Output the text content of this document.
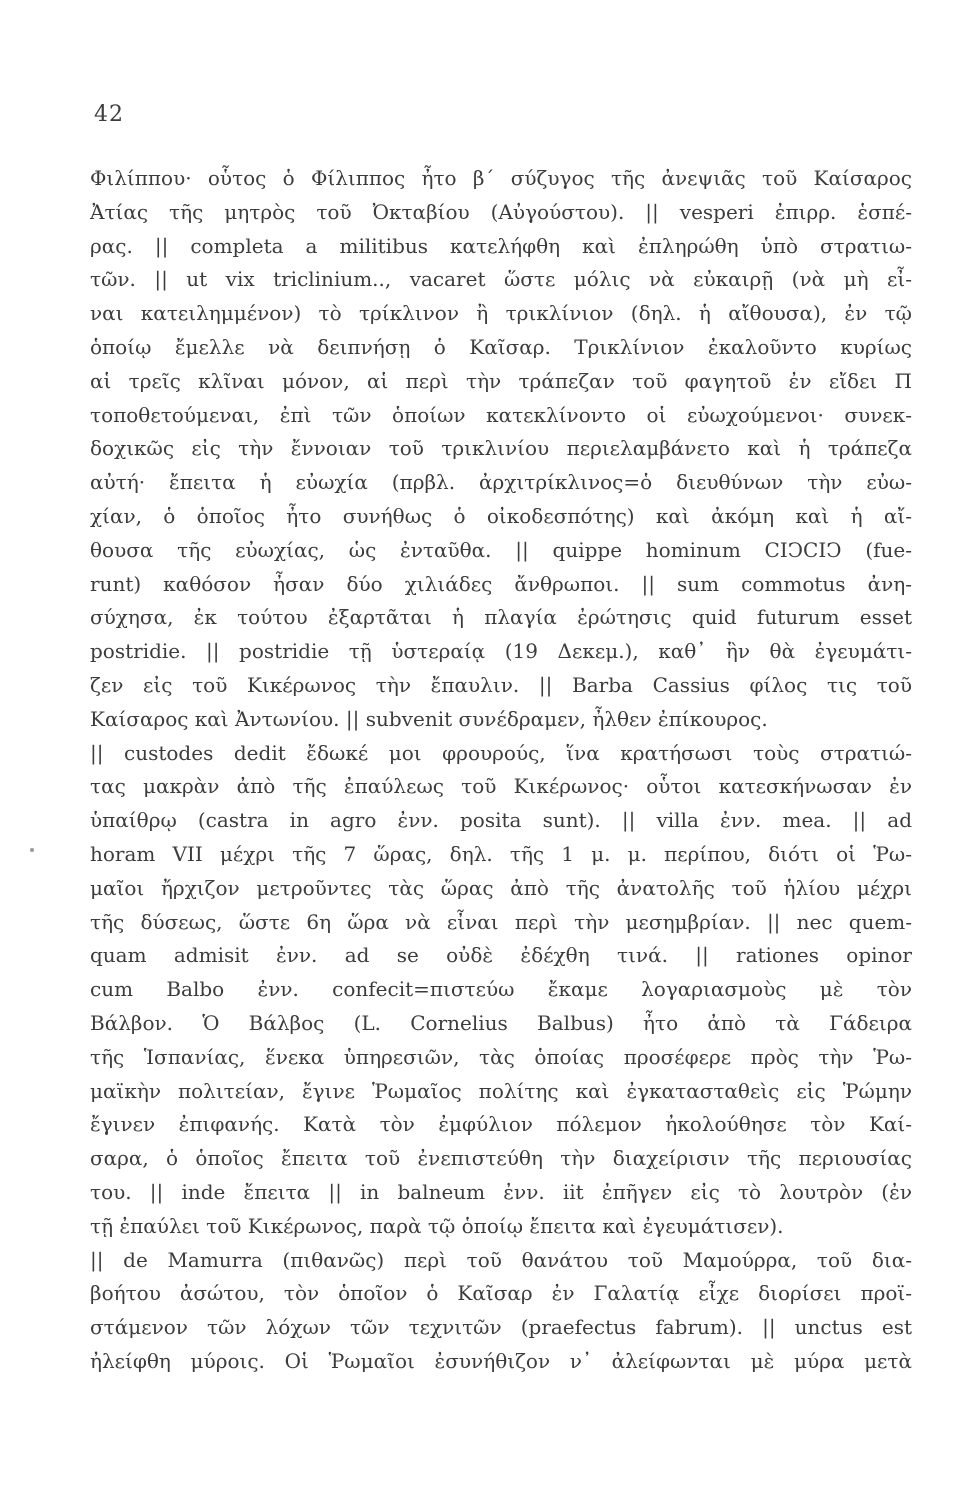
42
Φιλίππου· οὗτος ὁ Φίλιππος ἦτο β΄ σύζυγος τῆς ἀνεψιᾶς τοῦ Καίσαρος
Ἀτίας τῆς μητρὸς τοῦ Ὀκταβίου (Αὐγούστου). || vesperi ἐπιρρ. ἑσπέ-
ρας. || completa a militibus κατελήφθη καὶ ἐπληρώθη ὑπὸ στρατιω-
τῶν. || ut vix triclinium.., vacaret ὥστε μόλις νὰ εὐκαιρῇ (νὰ μὴ εἶ-
ναι κατειλημμένον) τὸ τρίκλινον ἢ τρικλίνιον (δηλ. ἡ αἴθουσα), ἐν τῷ
ὁποίῳ ἔμελλε νὰ δειπνήσῃ ὁ Καῖσαρ. Τρικλίνιον ἐκαλοῦντο κυρίως
αἱ τρεῖς κλῖναι μόνον, αἱ περὶ τὴν τράπεζαν τοῦ φαγητοῦ ἐν εἴδει Π
τοποθετούμεναι, ἐπὶ τῶν ὁποίων κατεκλίνοντο οἱ εὐωχούμενοι· συνεκ-
δοχικῶς εἰς τὴν ἔννοιαν τοῦ τρικλινίου περιελαμβάνετο καὶ ἡ τράπεζα
αὐτή· ἔπειτα ἡ εὐωχία (πρβλ. ἀρχιτρίκλινος=ὁ διευθύνων τὴν εὐω-
χίαν, ὁ ὁποῖος ἦτο συνήθως ὁ οἰκοδεσπότης) καὶ ἀκόμη καὶ ἡ αἴ-
θουσα τῆς εὐωχίας, ὡς ἐνταῦθα. || quippe hominum CIↃCIↃ (fue-
runt) καθόσον ἦσαν δύο χιλιάδες ἄνθρωποι. || sum commotus ἀνη-
σύχησα, ἐκ τούτου ἐξαρτᾶται ἡ πλαγία ἐρώτησις quid futurum esset
postridie. || postridie τῇ ὑστεραίᾳ (19 Δεκεμ.), καθ᾿ ἣν θὰ ἐγευμάτι-
ζεν εἰς τοῦ Κικέρωνος τὴν ἔπαυλιν. || Barba Cassius φίλος τις τοῦ
Καίσαρος καὶ Ἀντωνίου. || subvenit συνέδραμεν, ἦλθεν ἐπίκουρος.
|| custodes dedit ἔδωκέ μοι φρουρούς, ἵνα κρατήσωσι τοὺς στρατιώ-
τας μακρὰν ἀπὸ τῆς ἐπαύλεως τοῦ Κικέρωνος· οὗτοι κατεσκήνωσαν ἐν
ὑπαίθρῳ (castra in agro ἐνν. posita sunt). || villa ἐνν. mea. || ad
horam VII μέχρι τῆς 7 ὥρας, δηλ. τῆς 1 μ. μ. περίπου, διότι οἱ Ῥω-
μαῖοι ἤρχιζον μετροῦντες τὰς ὥρας ἀπὸ τῆς ἀνατολῆς τοῦ ἡλίου μέχρι
τῆς δύσεως, ὥστε 6η ὥρα νὰ εἶναι περὶ τὴν μεσημβρίαν. || nec quem-
quam admisit ἐνν. ad se οὐδὲ ἐδέχθη τινά. || rationes opinor
cum Balbo ἐνν. confecit=πιστεύω ἔκαμε λογαριασμοὺς μὲ τὸν
Βάλβον. Ὁ Βάλβος (L. Cornelius Balbus) ἦτο ἀπὸ τὰ Γάδειρα
τῆς Ἱσπανίας, ἕνεκα ὑπηρεσιῶν, τὰς ὁποίας προσέφερε πρὸς τὴν Ῥω-
μαϊκὴν πολιτείαν, ἔγινε Ῥωμαῖος πολίτης καὶ ἐγκατασταθεὶς εἰς Ῥώμην
ἔγινεν ἐπιφανής. Κατὰ τὸν ἐμφύλιον πόλεμον ἠκολούθησε τὸν Καί-
σαρα, ὁ ὁποῖος ἔπειτα τοῦ ἐνεπιστεύθη τὴν διαχείρισιν τῆς περιουσίας
του. || inde ἔπειτα || in balneum ἐνν. iit ἐπῆγεν εἰς τὸ λουτρὸν (ἐν
τῇ ἐπαύλει τοῦ Κικέρωνος, παρὰ τῷ ὁποίῳ ἔπειτα καὶ ἐγευμάτισεν).
|| de Mamurra (πιθανῶς) περὶ τοῦ θανάτου τοῦ Μαμούρρα, τοῦ δια-
βοήτου ἀσώτου, τὸν ὁποῖον ὁ Καῖσαρ ἐν Γαλατίᾳ εἶχε διορίσει προϊ-
στάμενον τῶν λόχων τῶν τεχνιτῶν (praefectus fabrum). || unctus est
ἠλείφθη μύροις. Οἱ Ῥωμαῖοι ἐσυνήθιζον ν᾿ ἀλείφωνται μὲ μύρα μετὰ
